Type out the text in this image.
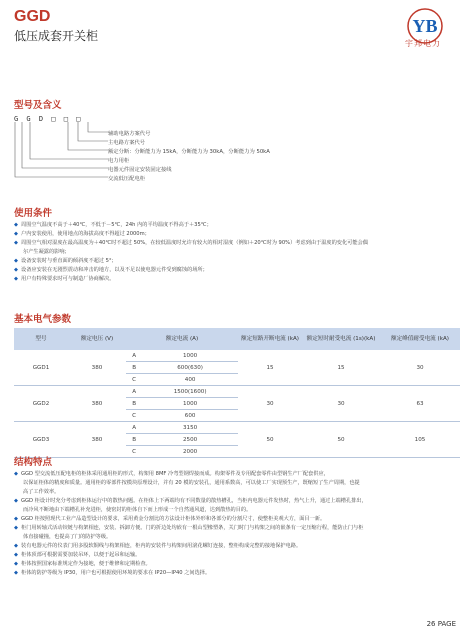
GGD
低压成套开关柜	YB
宇邦电力
型号及含义
G G D □ □ □
辅助电路方案代号
主电路方案代号
额定分断：分断能力为 15kA，分断能力为 30kA，分断能力为 50kA
电力用柜
电器元件固定安装固定接线
交流低压配电柜
使用条件
◆ 周围空气温度不高于＋40℃，不低于－5℃，24h 内的平均温度不得高于＋35℃；
◆ 户内安装使用，使用地点的海拔高度不得超过 2000m；
◆ 周围空气相对湿度在最高温度为＋40℃时不超过 50%，在较低温度时允许有较大的相对湿度（例如＋20℃时为 90%）考虑到由于温度的变化可能会偶
尔产生凝露的影响；
◆ 设备安装时与垂直面的倾斜度不超过 5°；
◆ 设备应安装在无剧烈震动和冲击的地方，以及不足以使电器元件受到腐蚀的场所；
◆ 用户有特殊要求时可与制造厂协商解决。
基本电气参数
型号	额定电压 (V)	额定电流 (A)		额定短路开断电流 (kA)	额定短时耐受电流 (1s)(kA)	额定峰值耐受电流 (kA)
GGD1	380	A	1000	15	15	30
		B	600(630)			
		C	400			
GGD2	380	A	1500(1600)	30	30	63
		B	1000			
		C	600			
GGD3	380	A	3150	50	50	105
		B	2500			
		C	2000			
结构特点
◆ GGD 型交流低压配电柜的柜体采用通用柜的形式，构架用 8MF 冷弯型钢焊接而成。构架零件及专用配套零件由型钢生产厂配套供应，
以保证柜体的精度和质量。通用柜的零部件按模块原理设计，并有 20 模的安装孔，通用系数高，可以使工厂实现预生产，既缩短了生产周期，也提
高了工作效率。
◆ GGD 柜设计时充分考虑到柜体运行中的散热问题。在柜体上下两端均有不同数量的散热槽孔，当柜内电器元件发热时，热气上升，通过上端槽孔排出，
而冷风不断地由下端槽孔补充进柜，使密封的柜体自下而上形成一个自然通风道，达到散热的目的。
◆ GGD 柜按照现代工业产品造型设计的要求，采用黄金分割比的方法设计柜体外形和各部分的分割尺寸，使整柜美观大方，面目一新。
◆ 柜门用转轴式活动铰链与构架相连，安装、拆卸方便。门的折边处均嵌有一根山型橡塑条，关门时门与构架之间的嵌条有一定压缩行程，能防止门与柜
体直接碰撞，也提高了门的防护等级。
◆ 装有电器元件的仪表门用多股软铜线与构架相连，柜内的安装件与构架间用滚花螺钉连接，整柜构成完整的接地保护电路。
◆ 柜体顶部可根据需要加装吊环，以便于起吊和运输。
◆ 柜体按照国家标准规定作为接地，便于维修和定期检查。
◆ 柜体的防护等级为 IP30，用户也可根据使用环境的要求在 IP20—IP40 之间选择。
26 PAGE
